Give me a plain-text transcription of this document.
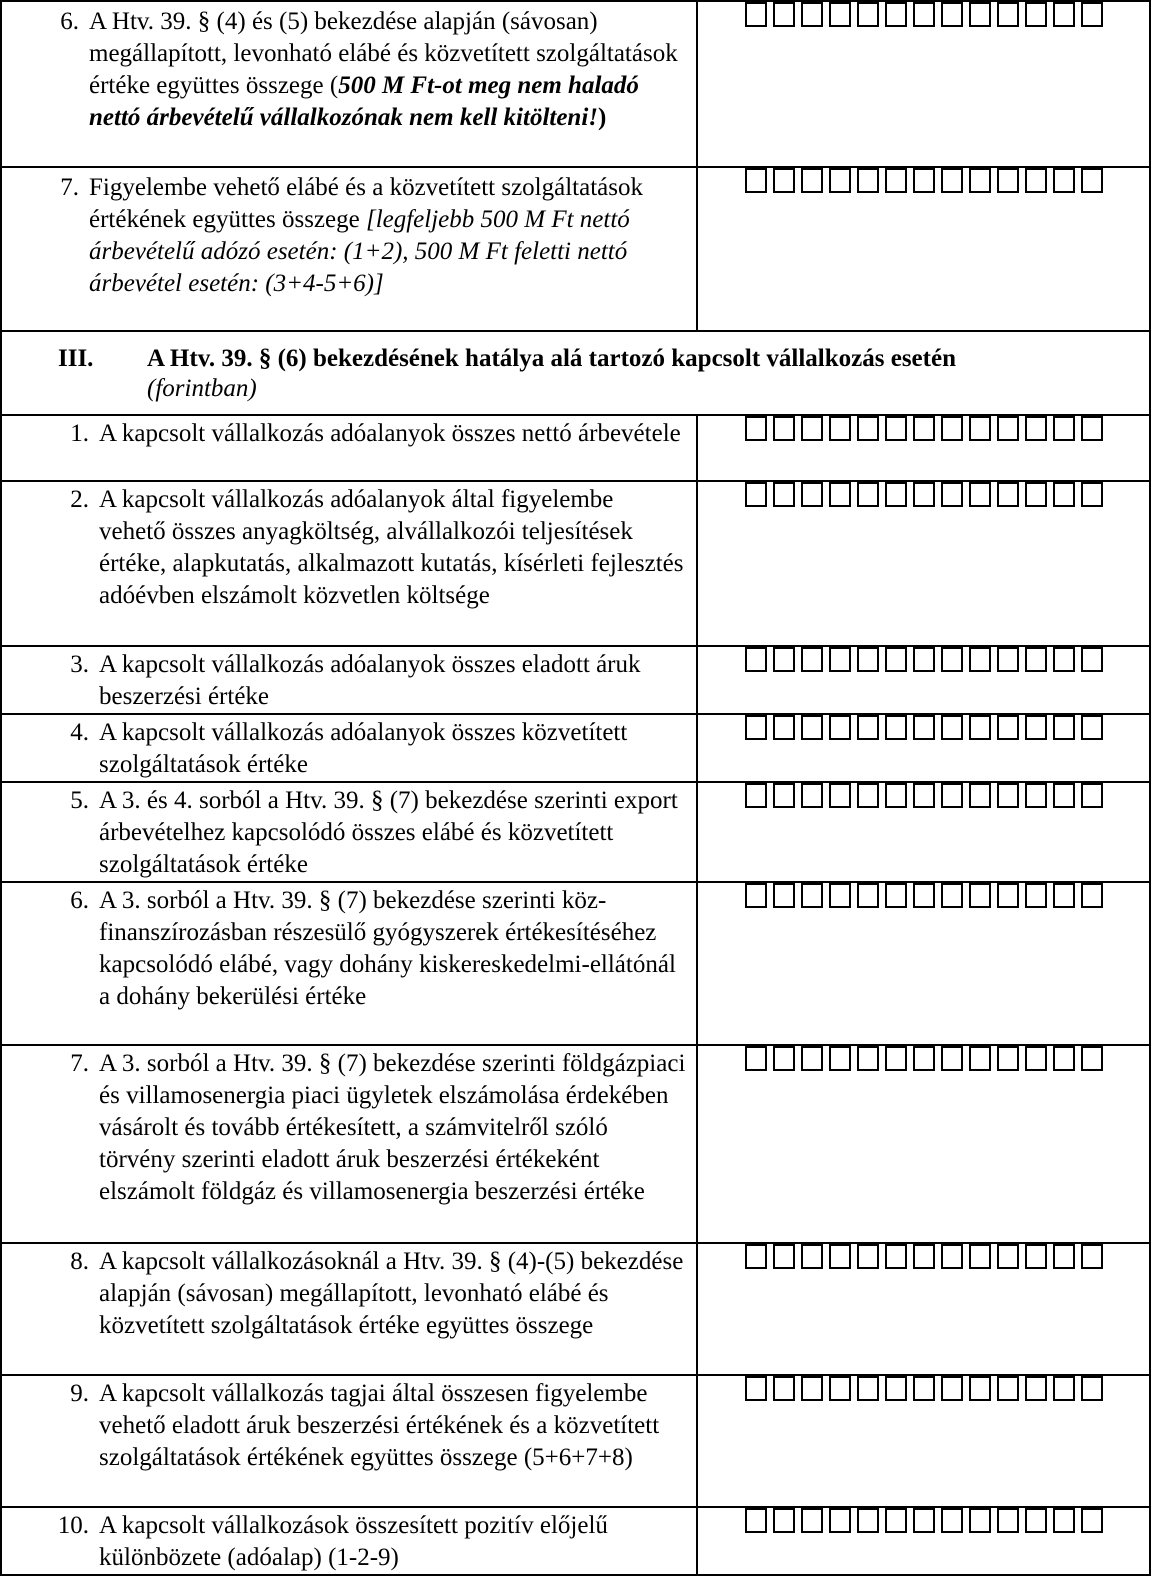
6. A Htv. 39. § (4) és (5) bekezdése alapján (sávosan) megállapított, levonható elábé és közvetített szolgáltatások értéke együttes összege (500 M Ft-ot meg nem haladó nettó árbevételű vállalkozónak nem kell kitölteni!)	

7. Figyelembe vehető elábé és a közvetített szolgáltatások értékének együttes összege [legfeljebb 500 M Ft nettó árbevételű adózó esetén: (1+2), 500 M Ft feletti nettó árbevétel esetén: (3+4-5+6)]	

III. A Htv. 39. § (6) bekezdésének hatálya alá tartozó kapcsolt vállalkozás esetén
(forintban)	

1. A kapcsolt vállalkozás adóalanyok összes nettó árbevétele	

2. A kapcsolt vállalkozás adóalanyok által figyelembe vehető összes anyagköltség, alvállalkozói teljesítések értéke, alapkutatás, alkalmazott kutatás, kísérleti fejlesztés adóévben elszámolt közvetlen költsége	

3. A kapcsolt vállalkozás adóalanyok összes eladott áruk beszerzési értéke	

4. A kapcsolt vállalkozás adóalanyok összes közvetített szolgáltatások értéke	

5. A 3. és 4. sorból a Htv. 39. § (7) bekezdése szerinti export árbevételhez kapcsolódó összes elábé és közvetített szolgáltatások értéke	

6. A 3. sorból a Htv. 39. § (7) bekezdése szerinti köz-finanszírozásban részesülő gyógyszerek értékesítéséhez kapcsolódó elábé, vagy dohány kiskereskedelmi-ellátónál a dohány bekerülési értéke	

7. A 3. sorból a Htv. 39. § (7) bekezdése szerinti földgázpiaci és villamosenergia piaci ügyletek elszámolása érdekében vásárolt és tovább értékesített, a számvitelről szóló törvény szerinti eladott áruk beszerzési értékeként elszámolt földgáz és villamosenergia beszerzési értéke	

8. A kapcsolt vállalkozásoknál a Htv. 39. § (4)-(5) bekezdése alapján (sávosan) megállapított, levonható elábé és közvetített szolgáltatások értéke együttes összege	

9. A kapcsolt vállalkozás tagjai által összesen figyelembe vehető eladott áruk beszerzési értékének és a közvetített szolgáltatások értékének együttes összege (5+6+7+8)	

10. A kapcsolt vállalkozások összesített pozitív előjelű különbözete (adóalap) (1-2-9)	
